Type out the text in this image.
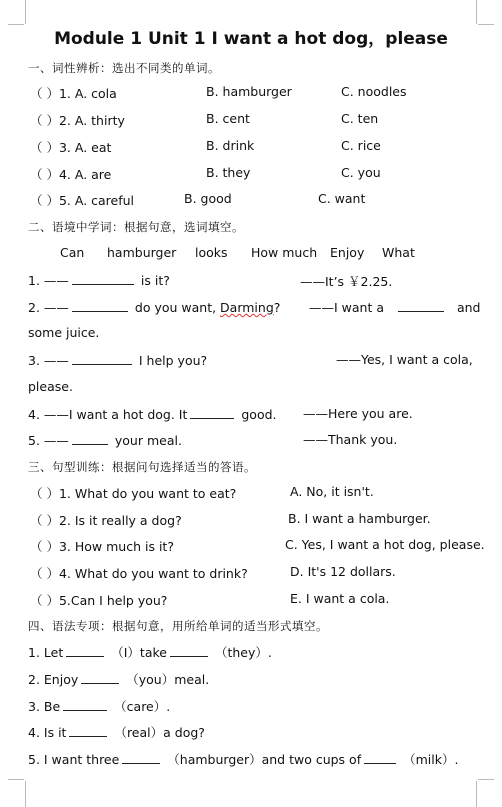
Module 1 Unit 1 I want a hot dog，please
一、词性辨析：选出不同类的单词。
（ ）1. A. cola	B. hamburger	C. noodles
（ ）2. A. thirty	B. cent	C. ten
（ ）3. A. eat	B. drink	C. rice
（ ）4. A. are	B. they	C. you
（ ）5. A. careful	B. good	C. want
二、语境中学词：根据句意，选词填空。
Can hamburger looks How much Enjoy What
1. ——	is it?	——It’s ￥2.25.
2. ——	do you want, Darming? ——I want a	and
some juice.
3. ——	I help you?	——Yes, I want a cola,
please.
4. ——I want a hot dog. It	good. ——Here you are.
5. ——	your meal.	——Thank you.
三、句型训练：根据问句选择适当的答语。
（ ）1. What do you want to eat?	A. No, it isn't.
（ ）2. Is it really a dog?	B. I want a hamburger.
（ ）3. How much is it?	C. Yes, I want a hot dog, please.
（ ）4. What do you want to drink?	D. It's 12 dollars.
（ ）5.Can I help you?	E. I want a cola.
四、语法专项：根据句意，用所给单词的适当形式填空。
1. Let	（I）take	（they）.
2. Enjoy	（you）meal.
3. Be	（care）.
4. Is it	（real）a dog?
5. I want three	（hamburger）and two cups of	（milk）.
